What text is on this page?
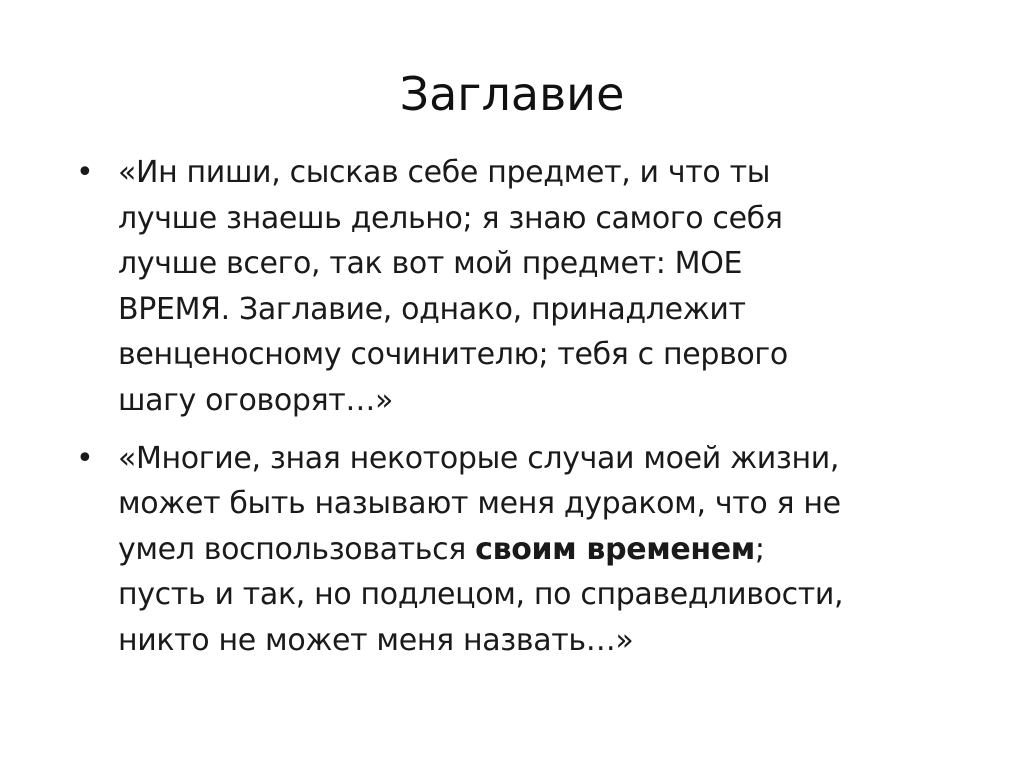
Заглавие
• «Ин пиши, сыскав себе предмет, и что ты
лучше знаешь дельно; я знаю самого себя
лучше всего, так вот мой предмет: МОЕ
ВРЕМЯ. Заглавие, однако, принадлежит
венценосному сочинителю; тебя с первого
шагу оговорят…»
• «Многие, зная некоторые случаи моей жизни,
может быть называют меня дураком, что я не
умел воспользоваться своим временем;
пусть и так, но подлецом, по справедливости,
никто не может меня назвать…»
